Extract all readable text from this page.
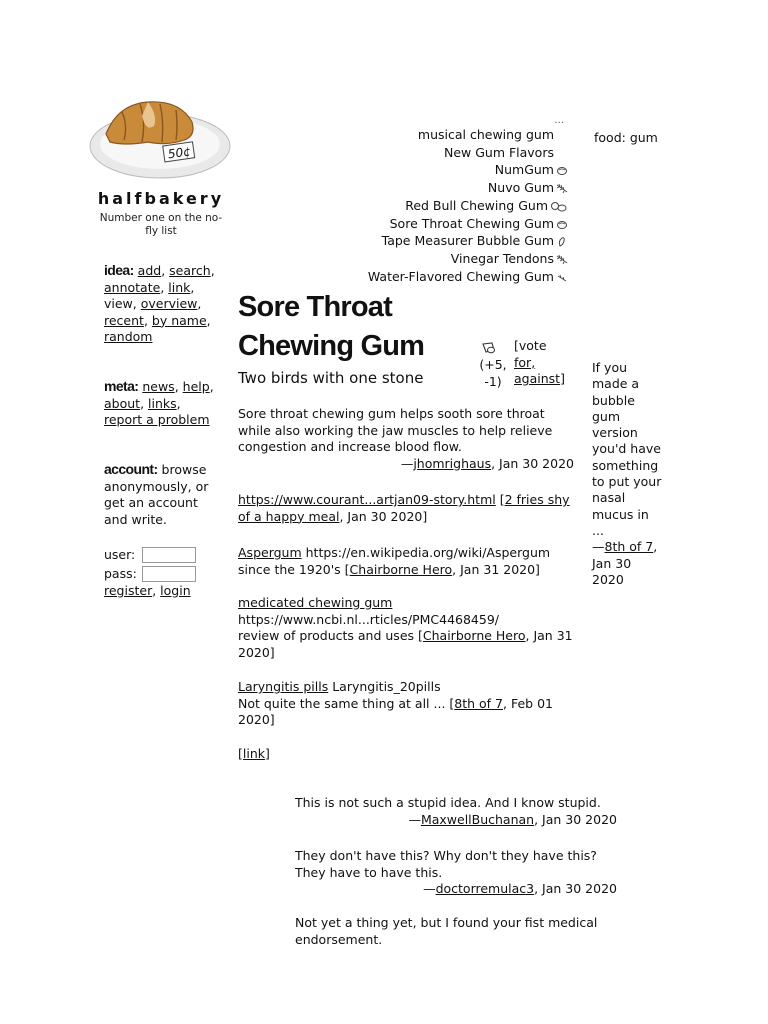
50¢
halfbakery
Number one on the no-fly list
idea: add, search, annotate, link, view, overview, recent, by name, random
meta: news, help, about, links, report a problem
account: browse anonymously, or get an account and write.
user:
pass:
register, login
...
musical chewing gum
New Gum Flavors
NumGum
Nuvo Gum
Red Bull Chewing Gum
Sore Throat Chewing Gum
Tape Measurer Bubble Gum
Vinegar Tendons
Water-Flavored Chewing Gum
food: gum
Sore Throat Chewing Gum
Two birds with one stone
(+5, -1)
[vote
for,
against]
Sore throat chewing gum helps sooth sore throat while also working the jaw muscles to help relieve congestion and increase blood flow.
—jhomrighaus, Jan 30 2020
https://www.courant...artjan09-story.html [2 fries shy of a happy meal, Jan 30 2020]
Aspergum https://en.wikipedia.org/wiki/Aspergum since the 1920's [Chairborne Hero, Jan 31 2020]
medicated chewing gum
https://www.ncbi.nl...rticles/PMC4468459/
review of products and uses [Chairborne Hero, Jan 31 2020]
Laryngitis pills Laryngitis_20pills
Not quite the same thing at all ... [8th of 7, Feb 01 2020]
[link]
If you made a bubble gum version you'd have something to put your nasal mucus in ...
—8th of 7, Jan 30 2020
This is not such a stupid idea. And I know stupid.
—MaxwellBuchanan, Jan 30 2020
They don't have this? Why don't they have this? They have to have this.
—doctorremulac3, Jan 30 2020
Not yet a thing yet, but I found your fist medical endorsement.
